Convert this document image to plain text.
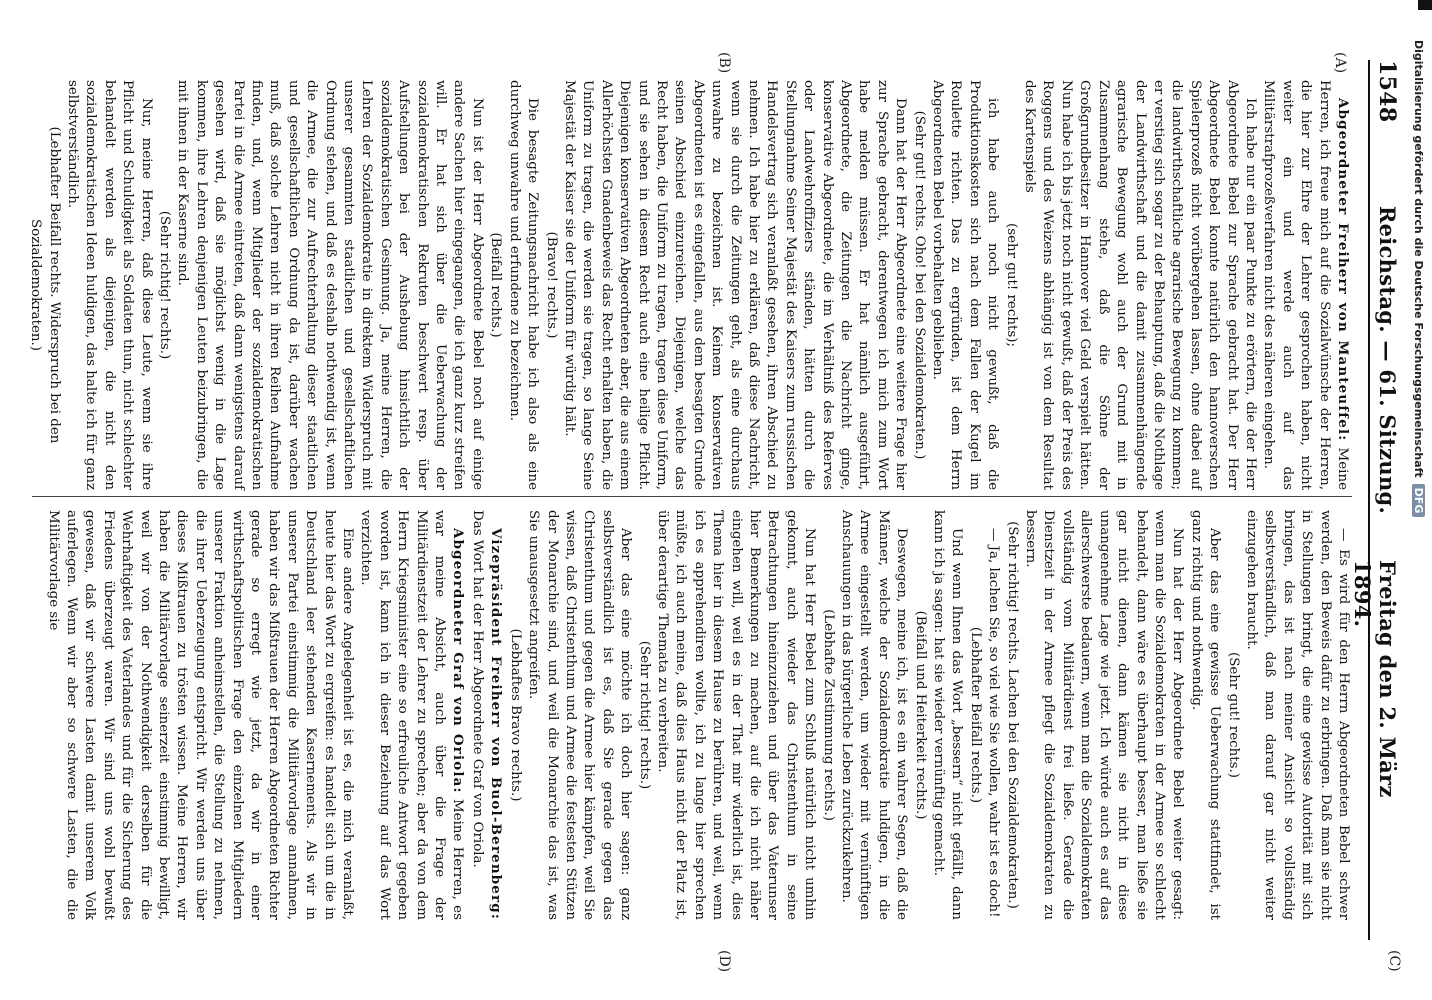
1548
Reichstag. — 61. Sitzung.
Freitag den 2. März 1894.
(A)
(B)
(C)
(D)

Abgeordneter Freiherr von Manteuffel: Meine Herren, ich freue mich auf die Sozialwünsche der Herren, die hier zur Ehre der Lehrer gesprochen haben, nicht weiter ein und werde auch auf das Militärstrafprozeßverfahren nicht des näheren eingehen.

Ich habe nur ein paar Punkte zu erörtern, die der Herr Abgeordnete Bebel zur Sprache gebracht hat. Der Herr Abgeordnete Bebel konnte natürlich den hannoverschen Spielerprozeß nicht vorübergehen lassen, ohne dabei auf die landwirthschaftliche agrarische Bewegung zu kommen; er verstieg sich sogar zu der Behauptung, daß die Nothlage der Landwirthschaft und die damit zusammenhängende agrarische Bewegung wohl auch der Grund mit in Zusammenhang stehe, daß die Söhne der Großgrundbesitzer in Hannover viel Geld verspielt hätten. Nun habe ich bis jetzt noch nicht gewußt, daß der Preis des Roggens und des Weizens abhängig ist von dem Resultat des Kartenspiels

(sehr gut! rechts);

ich habe auch noch nicht gewußt, daß die Produktionskosten sich nach dem Fallen der Kugel im Roulette richten. Das zu ergründen, ist dem Herrn Abgeordneten Bebel vorbehalten geblieben.

(Sehr gut! rechts. Oho! bei den Sozialdemokraten.)

Dann hat der Herr Abgeordnete eine weitere Frage hier zur Sprache gebracht, derentwegen ich mich zum Wort habe melden müssen. Er hat nämlich ausgeführt, Abgeordnete, die Zeitungen die Nachricht ginge, konservative Abgeordnete, die im Verhältniß des Referves oder Landwehroffiziers ständen, hätten durch die Stellungnahme Seiner Majestät des Kaisers zum russischen Handelsvertrag sich veranlaßt gesehen, ihren Abschied zu nehmen. Ich habe hier zu erklären, daß diese Nachricht, wenn sie durch die Zeitungen geht, als eine durchaus unwahre zu bezeichnen ist. Keinem konservativen Abgeordneten ist es eingefallen, aus dem besagten Grunde seinen Abschied einzureichen. Diejenigen, welche das Recht haben, die Uniform zu tragen, tragen diese Uniform, und sie sehen in diesem Recht auch eine heilige Pflicht. Diejenigen konservativen Abgeordneten aber, die aus einem Allerhöchsten Gnadenbeweis das Recht erhalten haben, die Uniform zu tragen, die werden sie tragen, so lange Seine Majestät der Kaiser sie der Uniform für würdig hält.

(Bravo! rechts.)

Die besagte Zeitungsnachricht habe ich also als eine durchweg unwahre und erfundene zu bezeichnen.

(Beifall rechts.)

Nun ist der Herr Abgeordnete Bebel noch auf einige andere Sachen hier eingegangen, die ich ganz kurz streifen will. Er hat sich über die Ueberwachung der sozialdemokratischen Rekruten beschwert resp. über Aufstellungen bei der Aushebung hinsichtlich der sozialdemokratischen Gesinnung. Ja, meine Herren, die Lehren der Sozialdemokratie in direktem Widerspruch mit unserer gesammten staatlichen und gesellschaftlichen Ordnung stehen, und daß es deshalb nothwendig ist, wenn die Armee, die zur Aufrechterhaltung dieser staatlichen und gesellschaftlichen Ordnung da ist, darüber wachen muß, daß solche Lehren nicht in ihren Reihen Aufnahme finden, und, wenn Mitglieder der sozialdemokratischen Partei in die Armee eintreten, daß dann wenigstens darauf gesehen wird, daß sie möglichst wenig in die Lage kommen, ihre Lehren denjenigen Leuten beizubringen, die mit ihnen in der Kaserne sind.

(Sehr richtig! rechts.)

Nur, meine Herren, daß diese Leute, wenn sie ihre Pflicht und Schuldigkeit als Soldaten thun, nicht schlechter behandelt werden als diejenigen, die nicht den sozialdemokratischen Ideen huldigen, das halte ich für ganz selbstverständlich.

(Lebhafter Beifall rechts. Widerspruch bei den Sozialdemokraten.)

— Es wird für den Herrn Abgeordneten Bebel schwer werden, den Beweis dafür zu erbringen. Daß man sie nicht in Stellungen bringt, die eine gewisse Autorität mit sich bringen, das ist nach meiner Ansicht so vollständig selbstverständlich, daß man darauf gar nicht weiter einzugehen braucht.

(Sehr gut! rechts.)

Aber das eine gewisse Ueberwachung stattfindet, ist ganz richtig und nothwendig.

Nun hat der Herr Abgeordnete Bebel weiter gesagt: wenn man die Sozialdemokraten in der Armee so schlecht behandelt, dann wäre es überhaupt besser, man ließe sie gar nicht dienen, dann kämen sie nicht in diese unangenehme Lage wie jetzt. Ich würde auch es auf das allerschwerste bedauern, wenn man die Sozialdemokraten vollständig vom Militärdienst frei ließe. Gerade die Dienstzeit in der Armee pflegt die Sozialdemokraten zu bessern.

(Sehr richtig! rechts. Lachen bei den Sozialdemokraten.)

— Ja, lachen Sie, so viel wie Sie wollen, wahr ist es doch!

(Lebhafter Beifall rechts.)

Und wenn Ihnen das Wort „bessern“ nicht gefällt, dann kann ich ja sagen: hat sie wieder vernünftig gemacht.

(Beifall und Heiterkeit rechts.)

Deswegen, meine ich, ist es ein wahrer Segen, daß die Männer, welche der Sozialdemokratie huldigen, in die Armee eingestellt werden, um wieder mit vernünftigen Anschauungen in das bürgerliche Leben zurückzukehren.

(Lebhafte Zustimmung rechts.)

Nun hat Herr Bebel zum Schluß natürlich nicht umhin gekonnt, auch wieder das Christenthum in seine Betrachtungen hineinzuziehen und über das Vaterunser hier Bemerkungen zu machen, auf die ich nicht näher eingehen will, weil es in der That mir widerlich ist, dies Thema hier in diesem Hause zu berühren, und weil, wenn ich es apprehendiren wollte, ich zu lange hier sprechen müßte, ich auch meine, daß dies Haus nicht der Platz ist, über derartige Themata zu verbreiten.

(Sehr richtig! rechts.)

Aber das eine möchte ich doch hier sagen: ganz selbstverständlich ist es, daß Sie gerade gegen das Christenthum und gegen die Armee hier kämpfen, weil Sie wissen, daß Christenthum und Armee die festesten Stützen der Monarchie sind, und weil die Monarchie das ist, was Sie unausgesetzt angreifen.

(Lebhaftes Bravo rechts.)

Vizepräsident Freiherr von Buol-Berenberg: Das Wort hat der Herr Abgeordnete Graf von Oriola.

Abgeordneter Graf von Oriola: Meine Herren, es war meine Absicht, auch über die Frage der Militärdienstzeit der Lehrer zu sprechen; aber da von dem Herrn Kriegsminister eine so erfreuliche Antwort gegeben worden ist, kann ich in dieser Beziehung auf das Wort verzichten.

Eine andere Angelegenheit ist es, die mich veranlaßt, heute hier das Wort zu ergreifen: es handelt sich um die in Deutschland leer stehenden Kasernements. Als wir in unserer Partei einstimmig die Militärvorlage annahmen, haben wir das Mißtrauen der Herren Abgeordneten Richter gerade so erregt wie jetzt, da wir in einer wirthschaftspolitischen Frage den einzelnen Mitgliedern unserer Fraktion anheimstellen, die Stellung zu nehmen, die ihrer Ueberzeugung entspricht. Wir werden uns über dieses Mißtrauen zu trösten wissen. Meine Herren, wir haben die Militärvorlage seinerzeit einstimmig bewilligt, weil wir von der Nothwendigkeit derselben für die Wehrhaftigkeit des Vaterlandes und für die Sicherung des Friedens überzeugt waren. Wir sind uns wohl bewußt gewesen, daß wir schwere Lasten damit unserem Volk auferlegen. Wenn wir aber so schwere Lasten, die die Militärvorlage sie

Digitalisierung gefördert durch die Deutsche ForschungsgemeinschaftDFG
